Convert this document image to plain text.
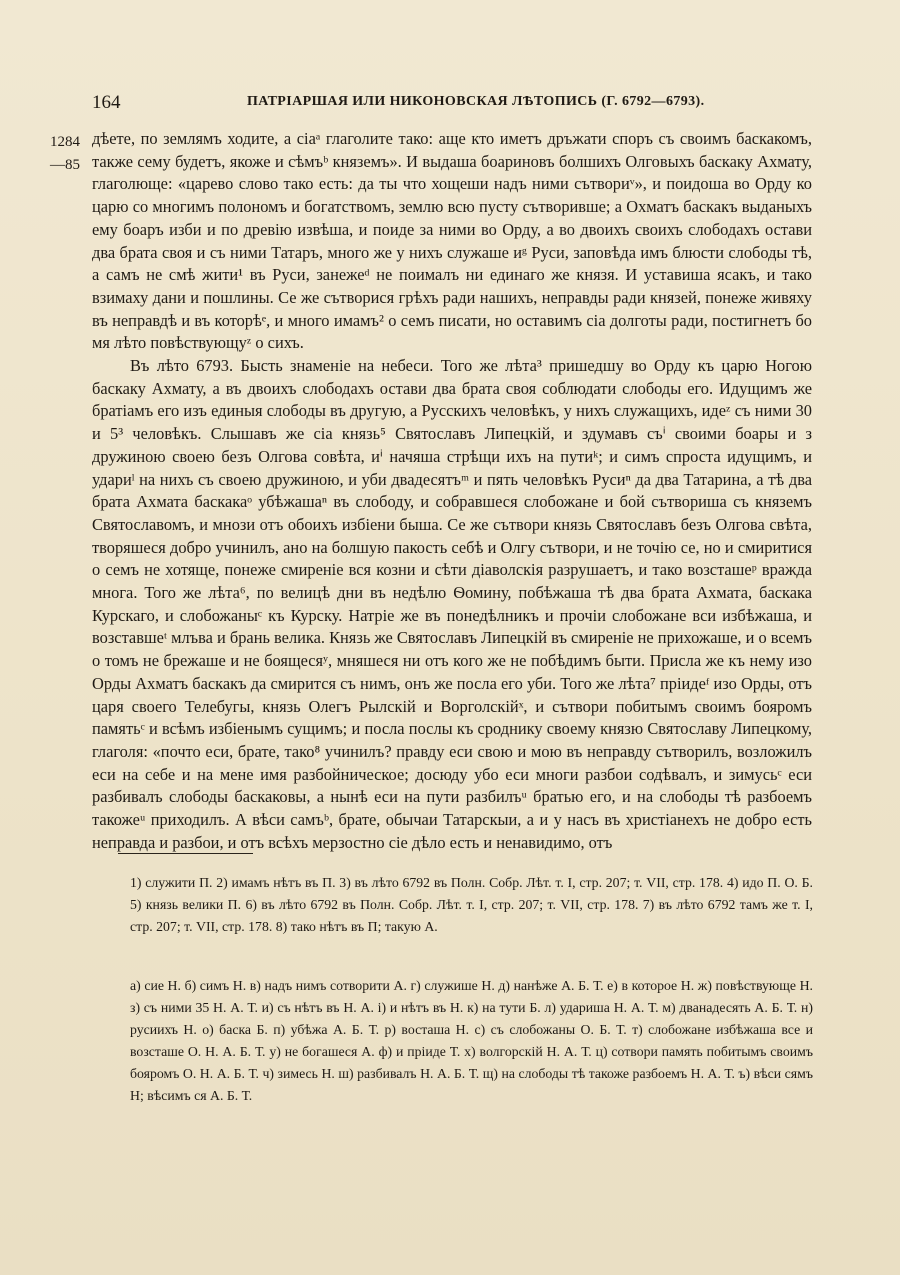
164	ПАТРІАРШАЯ ИЛИ НИКОНОВСКАЯ ЛѢТОПИСЬ (Г. 6792—6793).
1284
—85

дѣете, по землямъ ходите, а сіаᵃ глаголите тако: аще кто иметъ дръжати споръ съ своимъ баскакомъ, также сему будетъ, якоже и сѣмъᵇ княземъ». И выдаша боариновъ болшихъ Олговыхъ баскаку Ахмату, глаголюще: «царево слово тако есть: да ты что хощеши надъ ними сътвориᵛ», и поидоша во Орду ко царю со многимъ полономъ и богатствомъ, землю всю пусту сътворивше; а Охматъ баскакъ выданыхъ ему боаръ изби и по древію извѣша, и поиде за ними во Орду, а во двоихъ своихъ слободахъ остави два брата своя и съ ними Татаръ, много же у нихъ служаше иᵍ Руси, заповѣда имъ блюсти слободы тѣ, а самъ не смѣ жити¹ въ Руси, занежеᵈ не поималъ ни единаго же князя. И уставиша ясакъ, и тако взимаху дани и пошлины. Се же сътворися грѣхъ ради нашихъ, неправды ради князей, понеже живяху въ неправдѣ и въ которѣᵉ, и много имамъ² о семъ писати, но оставимъ сіа долготы ради, постигнетъ бо мя лѣто повѣствующуᶻ о сихъ.

Въ лѣто 6793. Бысть знаменіе на небеси. Того же лѣта³ пришедшу во Орду къ царю Ногою баскаку Ахмату, а въ двоихъ слободахъ остави два брата своя соблюдати слободы его. Идущимъ же братіамъ его изъ единыя слободы въ другую, а Русскихъ человѣкъ, у нихъ служащихъ, идеᶻ съ ними 30 и 5³ человѣкъ. Слышавъ же сіа князь⁵ Святославъ Липецкій, и здумавъ съⁱ своими боары и з дружиною своею безъ Олгова совѣта, иⁱ начяша стрѣщи ихъ на путиᵏ; и симъ спроста идущимъ, и удариˡ на нихъ съ своею дружиною, и уби двадесятъᵐ и пять человѣкъ Русиⁿ да два Татарина, а тѣ два брата Ахмата баскакаᵒ убѣжашаⁿ въ слободу, и собравшеся слобожане и бой сътвориша съ княземъ Святославомъ, и мнози отъ обоихъ избіени быша. Се же сътвори князь Святославъ безъ Олгова свѣта, творяшеся добро учинилъ, ано на болшую пакость себѣ и Олгу сътвори, и не точію се, но и смиритися о семъ не хотяще, понеже смиреніе вся козни и сѣти діаволскія разрушаетъ, и тако возсташеᵖ вражда многа. Того же лѣта⁶, по велицѣ дни въ недѣлю Ѳомину, побѣжаша тѣ два брата Ахмата, баскака Курскаго, и слобожаныᶜ къ Курску. Натріе же въ понедѣлникъ и прочіи слобожане вси избѣжаша, и возставшеᵗ млъва и брань велика. Князь же Святославъ Липецкій въ смиреніе не прихожаше, и о всемъ о томъ не брежаше и не боящесяʸ, мняшеся ни отъ кого же не побѣдимъ быти. Присла же къ нему изо Орды Ахматъ баскакъ да смирится съ нимъ, онъ же посла его уби. Того же лѣта⁷ пріидеᶠ изо Орды, отъ царя своего Телебугы, князь Олегъ Рылскій и Ворголскійˣ, и сътвори побитымъ своимъ бояромъ памятьᶜ и всѣмъ избіенымъ сущимъ; и посла послы къ сроднику своему князю Святославу Липецкому, глаголя: «почто еси, брате, тако⁸ учинилъ? правду еси свою и мою въ неправду сътворилъ, возложилъ еси на себе и на мене имя разбойническое; досюду убо еси многи разбои содѣвалъ, и зимусьᶜ еси разбивалъ слободы баскаковы, а нынѣ еси на пути разбилъᵘ братью его, и на слободы тѣ разбоемъ такожеᵘ приходилъ. А вѣси самъᵇ, брате, обычаи Татарскыи, а и у насъ въ христіанехъ не добро есть неправда и разбои, и отъ всѣхъ мерзостно сіе дѣло есть и ненавидимо, отъ

1) служити П. 2) имамъ нѣтъ въ П. 3) въ лѣто 6792 въ Полн. Собр. Лѣт. т. I, стр. 207; т. VII, стр. 178. 4) идо П. О. Б. 5) князь велики П. 6) въ лѣто 6792 въ Полн. Собр. Лѣт. т. I, стр. 207; т. VII, стр. 178. 7) въ лѣто 6792 тамъ же т. I, стр. 207; т. VII, стр. 178. 8) тако нѣтъ въ П; такую А.
а) сие Н. б) симъ Н. в) надъ нимъ сотворити А. г) служише Н. д) нанѣже А. Б. Т. е) в которое Н. ж) повѣствующе Н. з) съ ними 35 Н. А. Т. и) съ нѣтъ въ Н. А. і) и нѣтъ въ Н. к) на тути Б. л) удариша Н. А. Т. м) дванадесять А. Б. Т. н) русиихъ Н. о) баска Б. п) убѣжа А. Б. Т. р) восташа Н. с) съ слобожаны О. Б. Т. т) слобожане избѣжаша все и возсташе О. Н. А. Б. Т. у) не богашеся А. ф) и пріиде Т. х) волгорскій Н. А. Т. ц) сотвори память побитымъ своимъ бояромъ О. Н. А. Б. Т. ч) зимесь Н. ш) разбивалъ Н. А. Б. Т. щ) на слободы тѣ такоже разбоемъ Н. А. Т. ъ) вѣси сямъ Н; вѣсимъ ся А. Б. Т.
